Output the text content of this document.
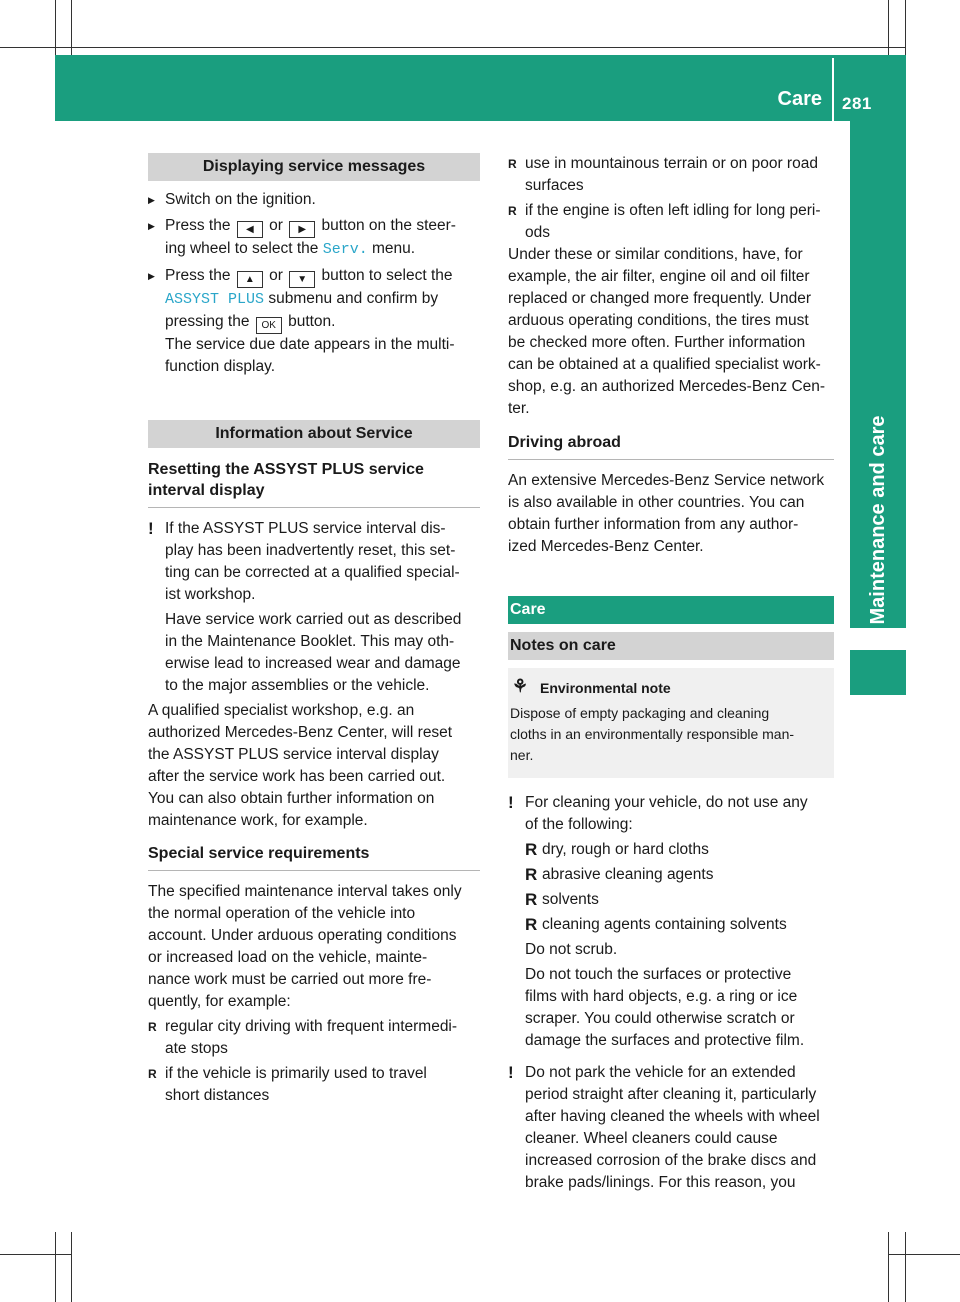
Care 281
Maintenance and care
Displaying service messages
▶ Switch on the ignition.
▶ Press the ◀ or ▶ button on the steer-
ing wheel to select the Serv. menu.
▶ Press the ▲ or ▼ button to select the
ASSYST PLUS submenu and confirm by
pressing the OK button.
The service due date appears in the multi-
function display.
Information about Service
Resetting the ASSYST PLUS service
interval display
! If the ASSYST PLUS service interval dis-
play has been inadvertently reset, this set-
ting can be corrected at a qualified special-
ist workshop.
Have service work carried out as described
in the Maintenance Booklet. This may oth-
erwise lead to increased wear and damage
to the major assemblies or the vehicle.

A qualified specialist workshop, e.g. an
authorized Mercedes-Benz Center, will reset
the ASSYST PLUS service interval display
after the service work has been carried out.
You can also obtain further information on
maintenance work, for example.

Special service requirements

The specified maintenance interval takes only
the normal operation of the vehicle into
account. Under arduous operating conditions
or increased load on the vehicle, mainte-
nance work must be carried out more fre-
quently, for example:

R regular city driving with frequent intermedi-
ate stops
R if the vehicle is primarily used to travel
short distances
R use in mountainous terrain or on poor road
surfaces
R if the engine is often left idling for long peri-
ods

Under these or similar conditions, have, for
example, the air filter, engine oil and oil filter
replaced or changed more frequently. Under
arduous operating conditions, the tires must
be checked more often. Further information
can be obtained at a qualified specialist work-
shop, e.g. an authorized Mercedes-Benz Cen-
ter.

Driving abroad

An extensive Mercedes-Benz Service network
is also available in other countries. You can
obtain further information from any author-
ized Mercedes-Benz Center.

Care
Notes on care
⚘ Environmental note
Dispose of empty packaging and cleaning
cloths in an environmentally responsible man-
ner.
! For cleaning your vehicle, do not use any
of the following:
R dry, rough or hard cloths
R abrasive cleaning agents
R solvents
R cleaning agents containing solvents
Do not scrub.
Do not touch the surfaces or protective
films with hard objects, e.g. a ring or ice
scraper. You could otherwise scratch or
damage the surfaces and protective film.
! Do not park the vehicle for an extended
period straight after cleaning it, particularly
after having cleaned the wheels with wheel
cleaner. Wheel cleaners could cause
increased corrosion of the brake discs and
brake pads/linings. For this reason, you
